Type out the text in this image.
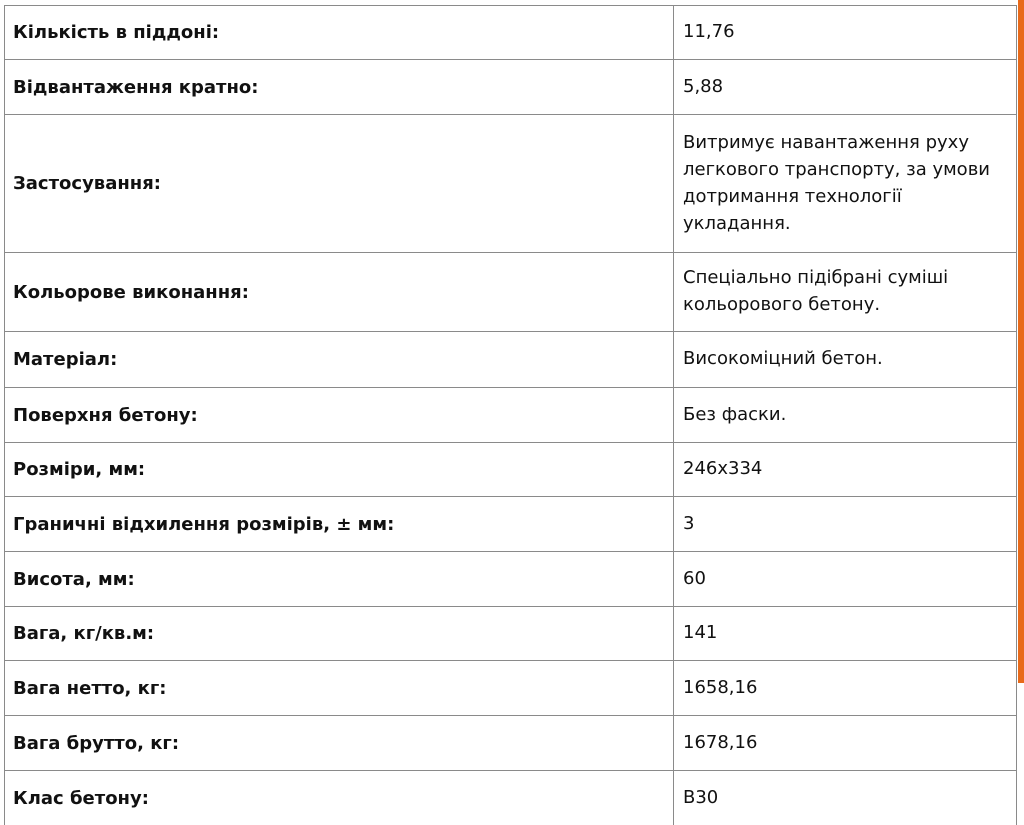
Кількість в піддоні:	11,76
Відвантаження кратно:	5,88
Застосування:	Витримує навантаження руху легкового транспорту, за умови дотримання технології укладання.
Кольорове виконання:	Спеціально підібрані суміші кольорового бетону.
Матеріал:	Високоміцний бетон.
Поверхня бетону:	Без фаски.
Розміри, мм:	246x334
Граничні відхилення розмірів, ± мм:	3
Висота, мм:	60
Вага, кг/кв.м:	141
Вага нетто, кг:	1658,16
Вага брутто, кг:	1678,16
Клас бетону:	B30
